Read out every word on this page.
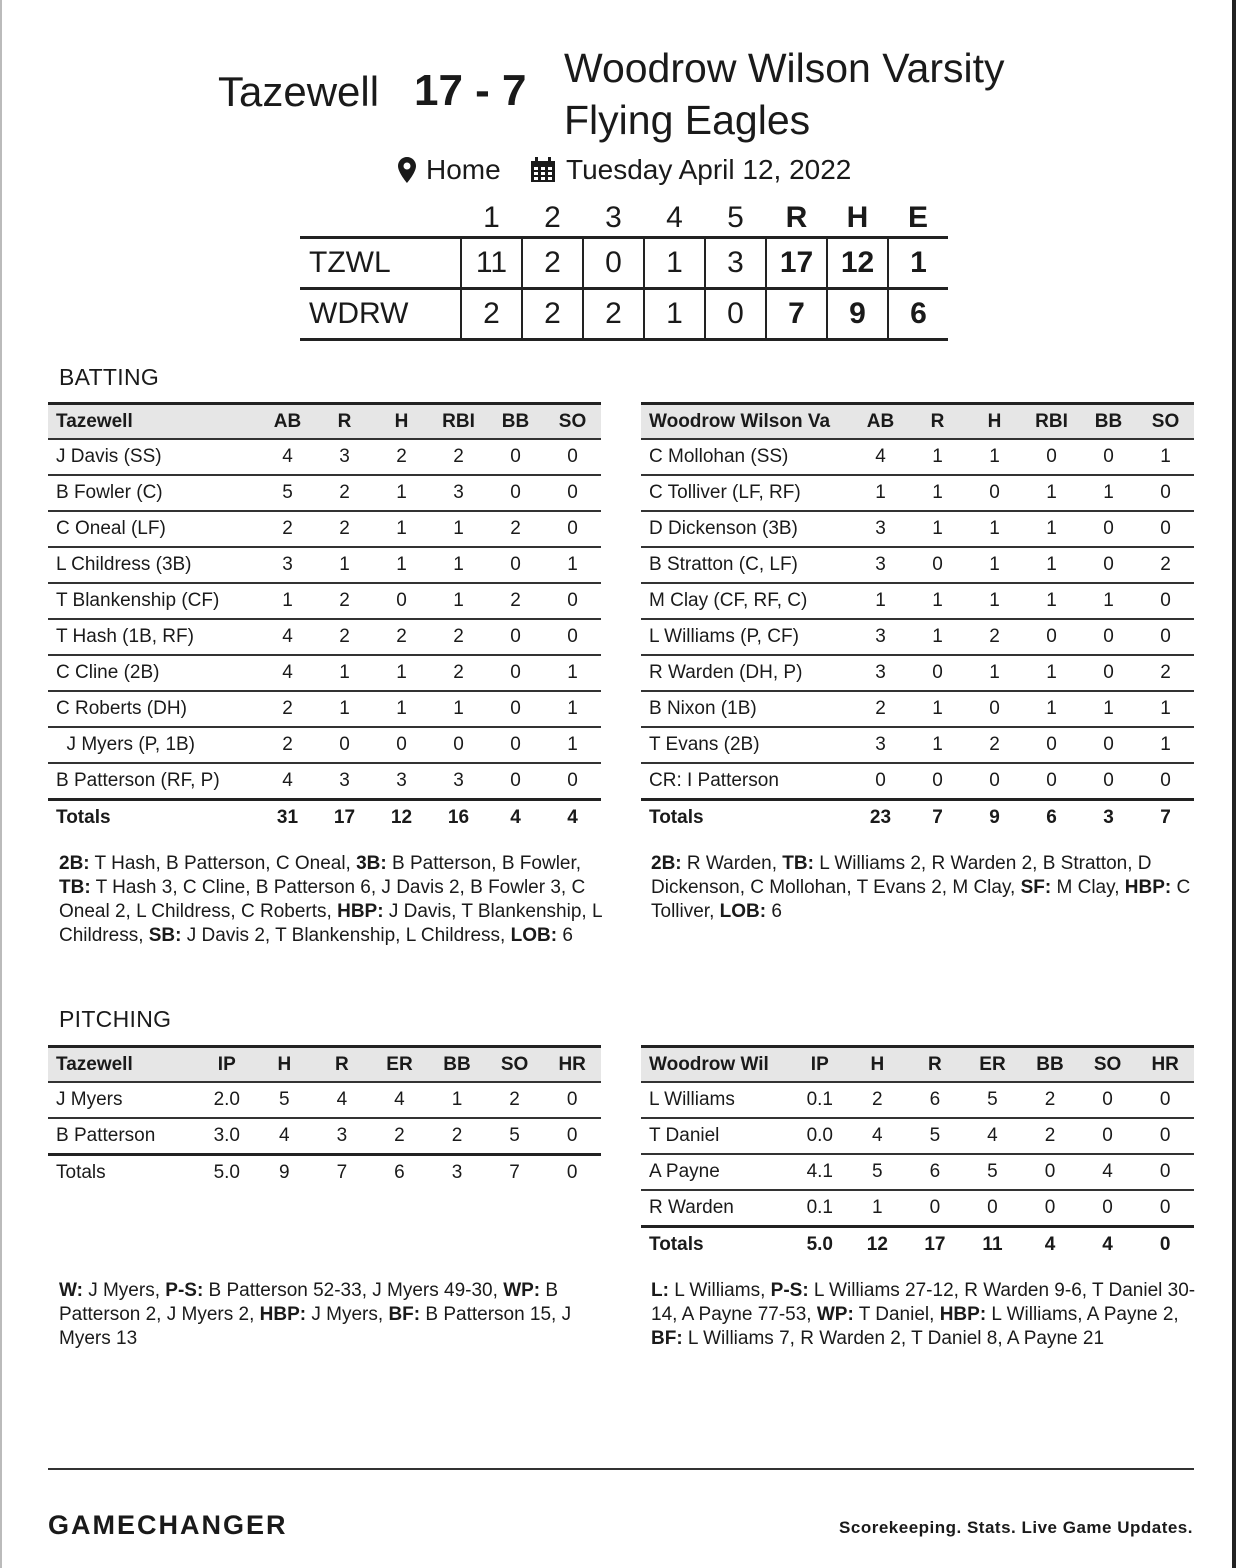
Tazewell 17 - 7 Woodrow Wilson Varsity
Flying Eagles
Home Tuesday April 12, 2022
	1	2	3	4	5	R	H	E
TZWL	11	2	0	1	3	17	12	1
WDRW	2	2	2	1	0	7	9	6
BATTING
Tazewell	AB	R	H	RBI	BB	SO
J Davis (SS)	4	3	2	2	0	0
B Fowler (C)	5	2	1	3	0	0
C Oneal (LF)	2	2	1	1	2	0
L Childress (3B)	3	1	1	1	0	1
T Blankenship (CF)	1	2	0	1	2	0
T Hash (1B, RF)	4	2	2	2	0	0
C Cline (2B)	4	1	1	2	0	1
C Roberts (DH)	2	1	1	1	0	1
J Myers (P, 1B)	2	0	0	0	0	1
B Patterson (RF, P)	4	3	3	3	0	0
Totals	31	17	12	16	4	4
Woodrow Wilson Va	AB	R	H	RBI	BB	SO
C Mollohan (SS)	4	1	1	0	0	1
C Tolliver (LF, RF)	1	1	0	1	1	0
D Dickenson (3B)	3	1	1	1	0	0
B Stratton (C, LF)	3	0	1	1	0	2
M Clay (CF, RF, C)	1	1	1	1	1	0
L Williams (P, CF)	3	1	2	0	0	0
R Warden (DH, P)	3	0	1	1	0	2
B Nixon (1B)	2	1	0	1	1	1
T Evans (2B)	3	1	2	0	0	1
CR: I Patterson	0	0	0	0	0	0
Totals	23	7	9	6	3	7
2B: T Hash, B Patterson, C Oneal, 3B: B Patterson, B Fowler, TB: T Hash 3, C Cline, B Patterson 6, J Davis 2, B Fowler 3, C Oneal 2, L Childress, C Roberts, HBP: J Davis, T Blankenship, L Childress, SB: J Davis 2, T Blankenship, L Childress, LOB: 6
2B: R Warden, TB: L Williams 2, R Warden 2, B Stratton, D Dickenson, C Mollohan, T Evans 2, M Clay, SF: M Clay, HBP: C Tolliver, LOB: 6
PITCHING
Tazewell	IP	H	R	ER	BB	SO	HR
J Myers	2.0	5	4	4	1	2	0
B Patterson	3.0	4	3	2	2	5	0
Totals	5.0	9	7	6	3	7	0
Woodrow Wil	IP	H	R	ER	BB	SO	HR
L Williams	0.1	2	6	5	2	0	0
T Daniel	0.0	4	5	4	2	0	0
A Payne	4.1	5	6	5	0	4	0
R Warden	0.1	1	0	0	0	0	0
Totals	5.0	12	17	11	4	4	0
W: J Myers, P-S: B Patterson 52-33, J Myers 49-30, WP: B Patterson 2, J Myers 2, HBP: J Myers, BF: B Patterson 15, J Myers 13
L: L Williams, P-S: L Williams 27-12, R Warden 9-6, T Daniel 30-14, A Payne 77-53, WP: T Daniel, HBP: L Williams, A Payne 2, BF: L Williams 7, R Warden 2, T Daniel 8, A Payne 21
GAMECHANGER	Scorekeeping. Stats. Live Game Updates.
